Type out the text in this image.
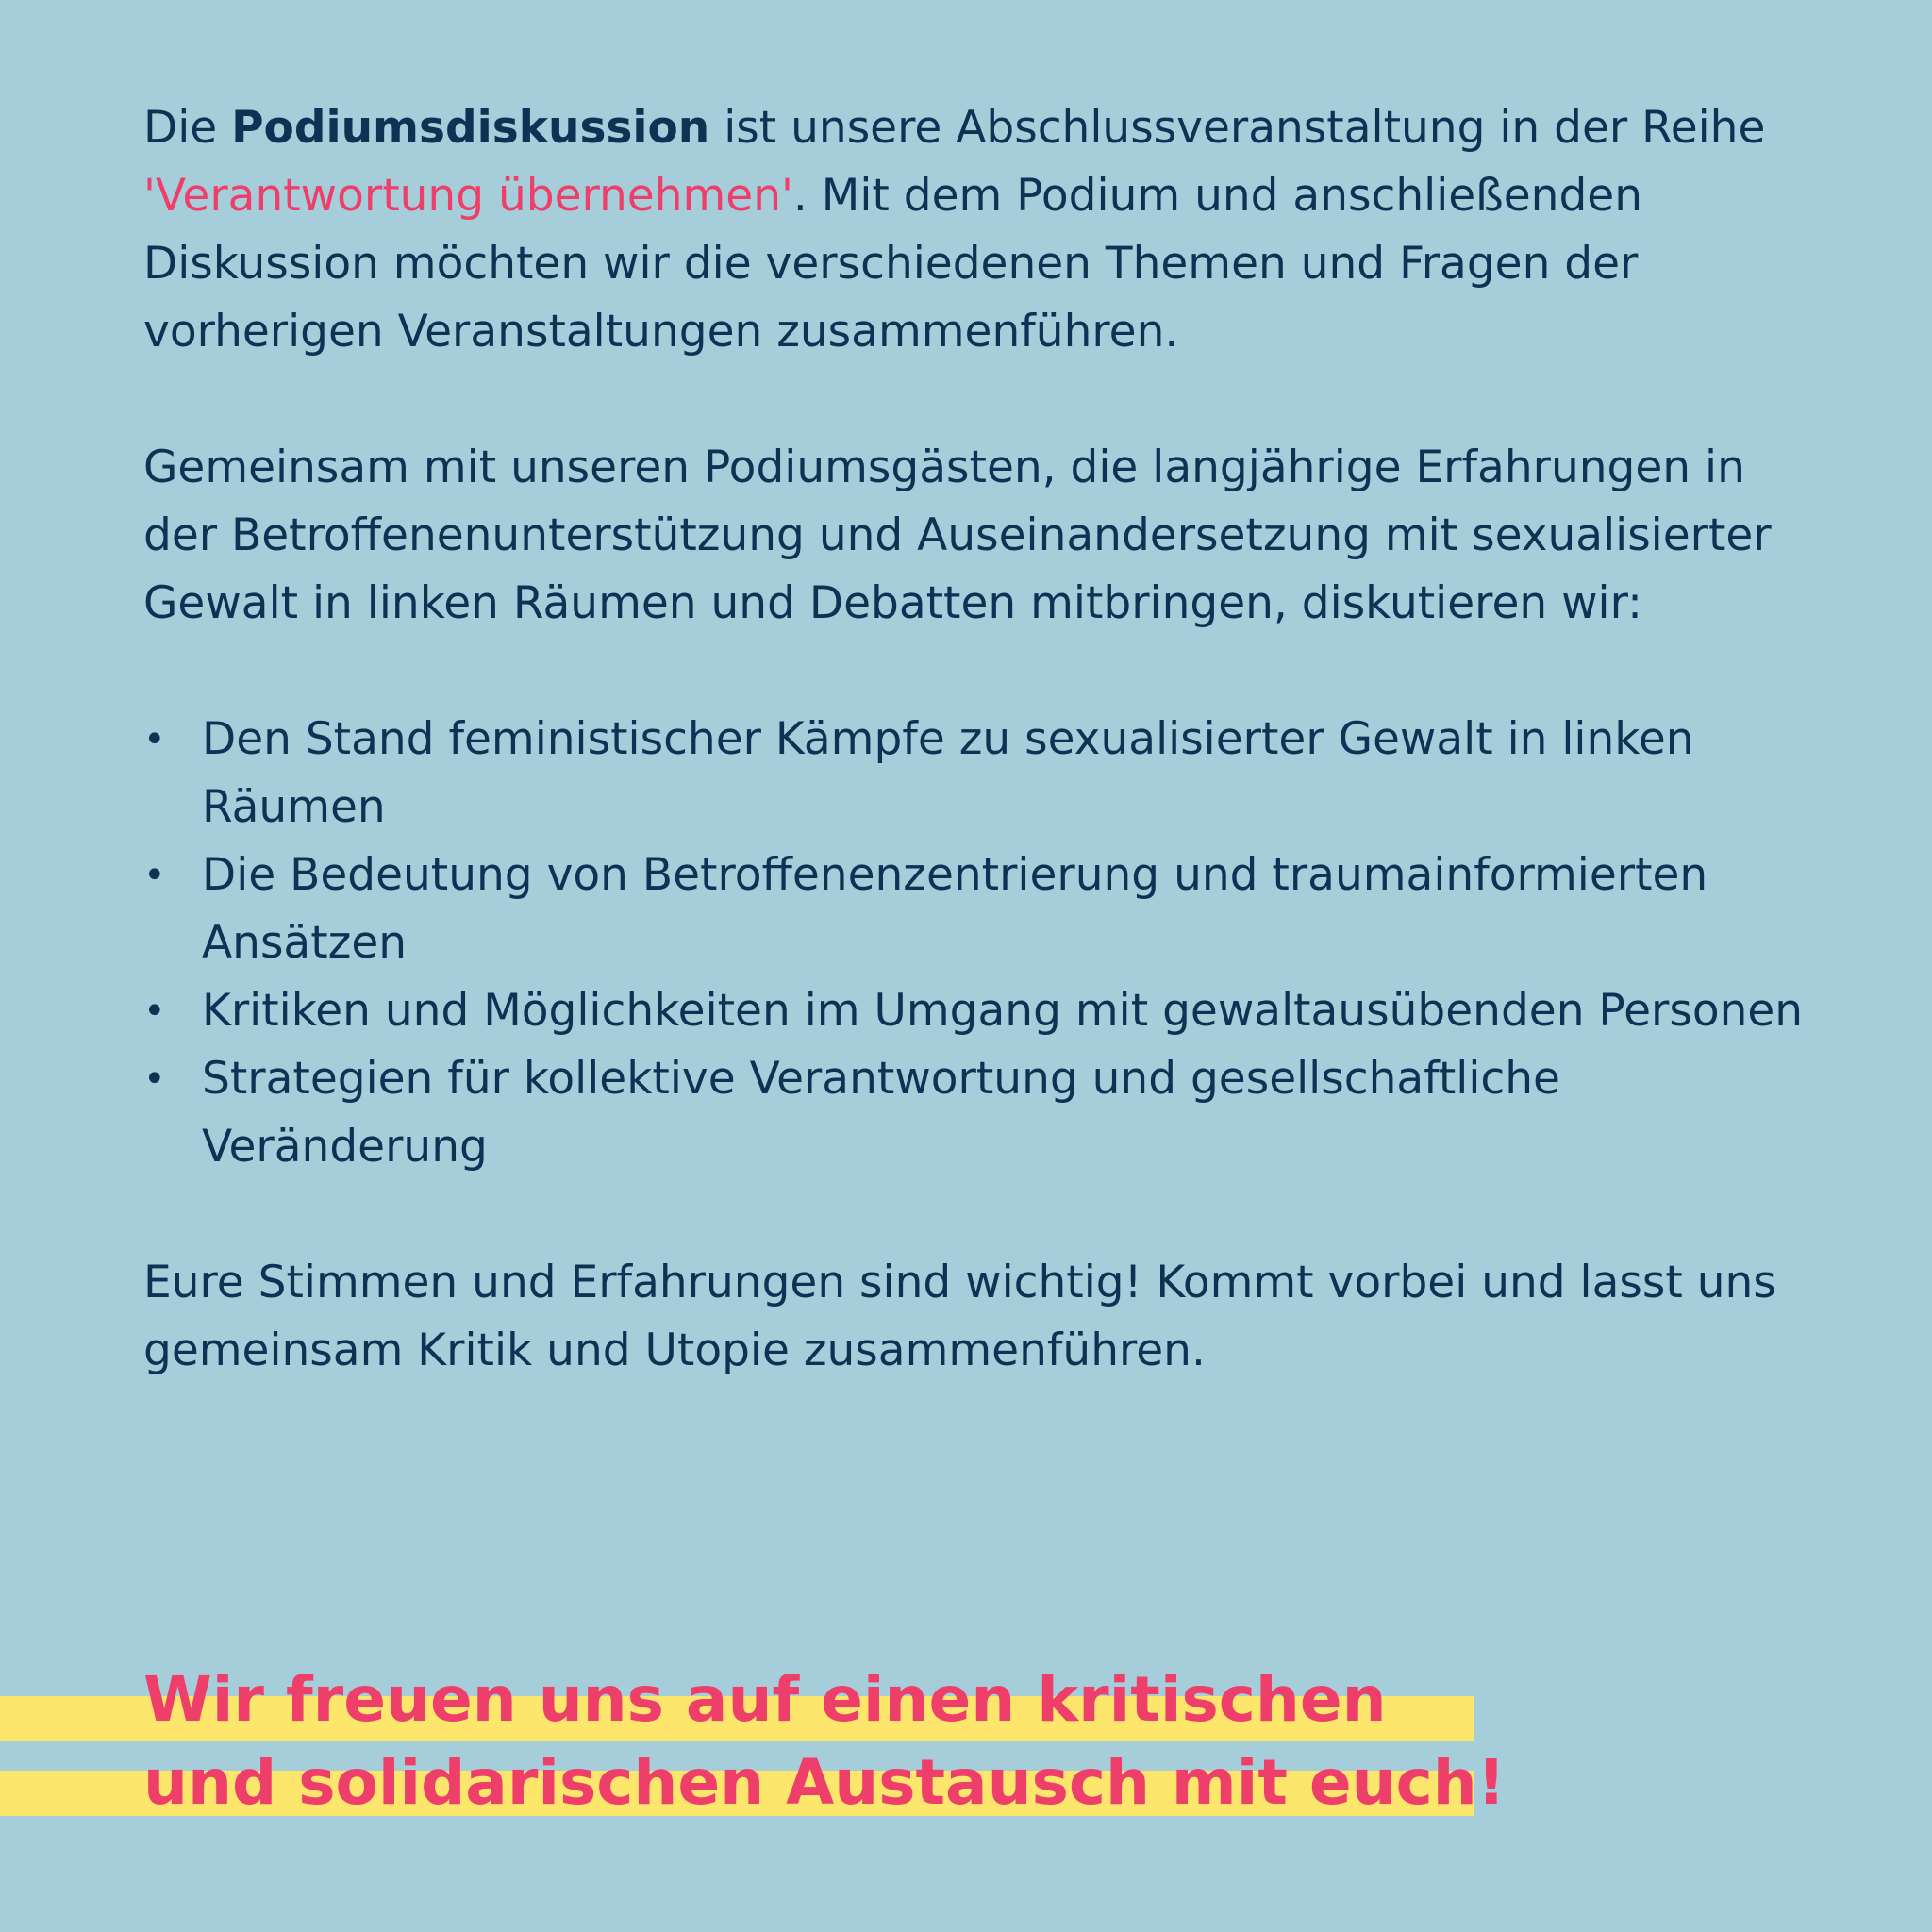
Die Podiumsdiskussion ist unsere Abschlussveranstaltung in der Reihe 'Verantwortung übernehmen'. Mit dem Podium und anschließenden Diskussion möchten wir die verschiedenen Themen und Fragen der vorherigen Veranstaltungen zusammenführen.

Gemeinsam mit unseren Podiumsgästen, die langjährige Erfahrungen in der Betroffenenunterstützung und Auseinandersetzung mit sexualisierter Gewalt in linken Räumen und Debatten mitbringen, diskutieren wir:

• Den Stand feministischer Kämpfe zu sexualisierter Gewalt in linken Räumen
• Die Bedeutung von Betroffenenzentrierung und traumainformierten Ansätzen
• Kritiken und Möglichkeiten im Umgang mit gewaltausübenden Personen
• Strategien für kollektive Verantwortung und gesellschaftliche Veränderung

Eure Stimmen und Erfahrungen sind wichtig! Kommt vorbei und lasst uns gemeinsam Kritik und Utopie zusammenführen.

Wir freuen uns auf einen kritischen
und solidarischen Austausch mit euch!
